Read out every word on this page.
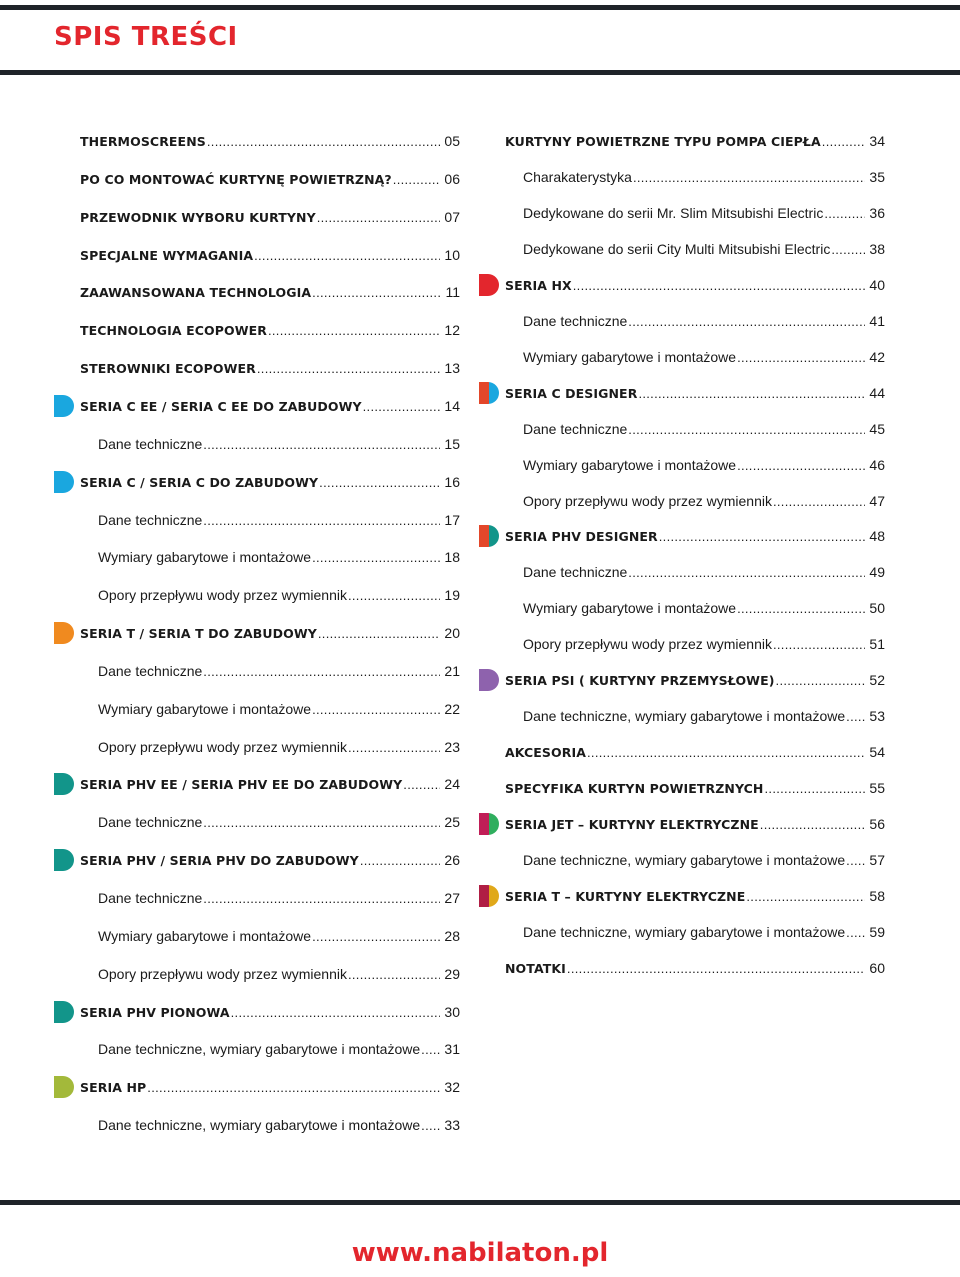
SPIS TREŚCI
THERMOSCREENS .....	05
PO CO MONTOWAĆ KURTYNĘ POWIETRZNĄ? .....	06
PRZEWODNIK WYBORU KURTYNY .....	07
SPECJALNE WYMAGANIA .....	10
ZAAWANSOWANA TECHNOLOGIA .....	11
TECHNOLOGIA ECOPOWER .....	12
STEROWNIKI ECOPOWER .....	13
SERIA C EE / SERIA C EE DO ZABUDOWY .....	14
Dane techniczne .....	15
SERIA C / SERIA C DO ZABUDOWY .....	16
Dane techniczne .....	17
Wymiary gabarytowe i montażowe .....	18
Opory przepływu wody przez wymiennik .....	19
SERIA T / SERIA T DO ZABUDOWY .....	20
Dane techniczne .....	21
Wymiary gabarytowe i montażowe .....	22
Opory przepływu wody przez wymiennik .....	23
SERIA PHV EE / SERIA PHV EE DO ZABUDOWY .....	24
Dane techniczne .....	25
SERIA PHV / SERIA PHV DO ZABUDOWY .....	26
Dane techniczne .....	27
Wymiary gabarytowe i montażowe .....	28
Opory przepływu wody przez wymiennik .....	29
SERIA PHV PIONOWA .....	30
Dane techniczne, wymiary gabarytowe i montażowe ..... 31
SERIA HP .....	32
Dane techniczne, wymiary gabarytowe i montażowe ..... 33
KURTYNY POWIETRZNE TYPU POMPA CIEPŁA .....	34
Charakaterystyka .....	35
Dedykowane do serii Mr. Slim Mitsubishi Electric .....	36
Dedykowane do serii City Multi Mitsubishi Electric .....	38
SERIA HX .....	40
Dane techniczne .....	41
Wymiary gabarytowe i montażowe .....	42
SERIA C DESIGNER .....	44
Dane techniczne .....	45
Wymiary gabarytowe i montażowe .....	46
Opory przepływu wody przez wymiennik .....	47
SERIA PHV DESIGNER .....	48
Dane techniczne .....	49
Wymiary gabarytowe i montażowe .....	50
Opory przepływu wody przez wymiennik .....	51
SERIA PSI ( KURTYNY PRZEMYSŁOWE) .....	52
Dane techniczne, wymiary gabarytowe i montażowe ..... 53
AKCESORIA .....	54
SPECYFIKA KURTYN POWIETRZNYCH .....	55
SERIA JET – KURTYNY ELEKTRYCZNE .....	56
Dane techniczne, wymiary gabarytowe i montażowe ..... 57
SERIA T – KURTYNY ELEKTRYCZNE .....	58
Dane techniczne, wymiary gabarytowe i montażowe ..... 59
NOTATKI .....	60
www.nabilaton.pl
